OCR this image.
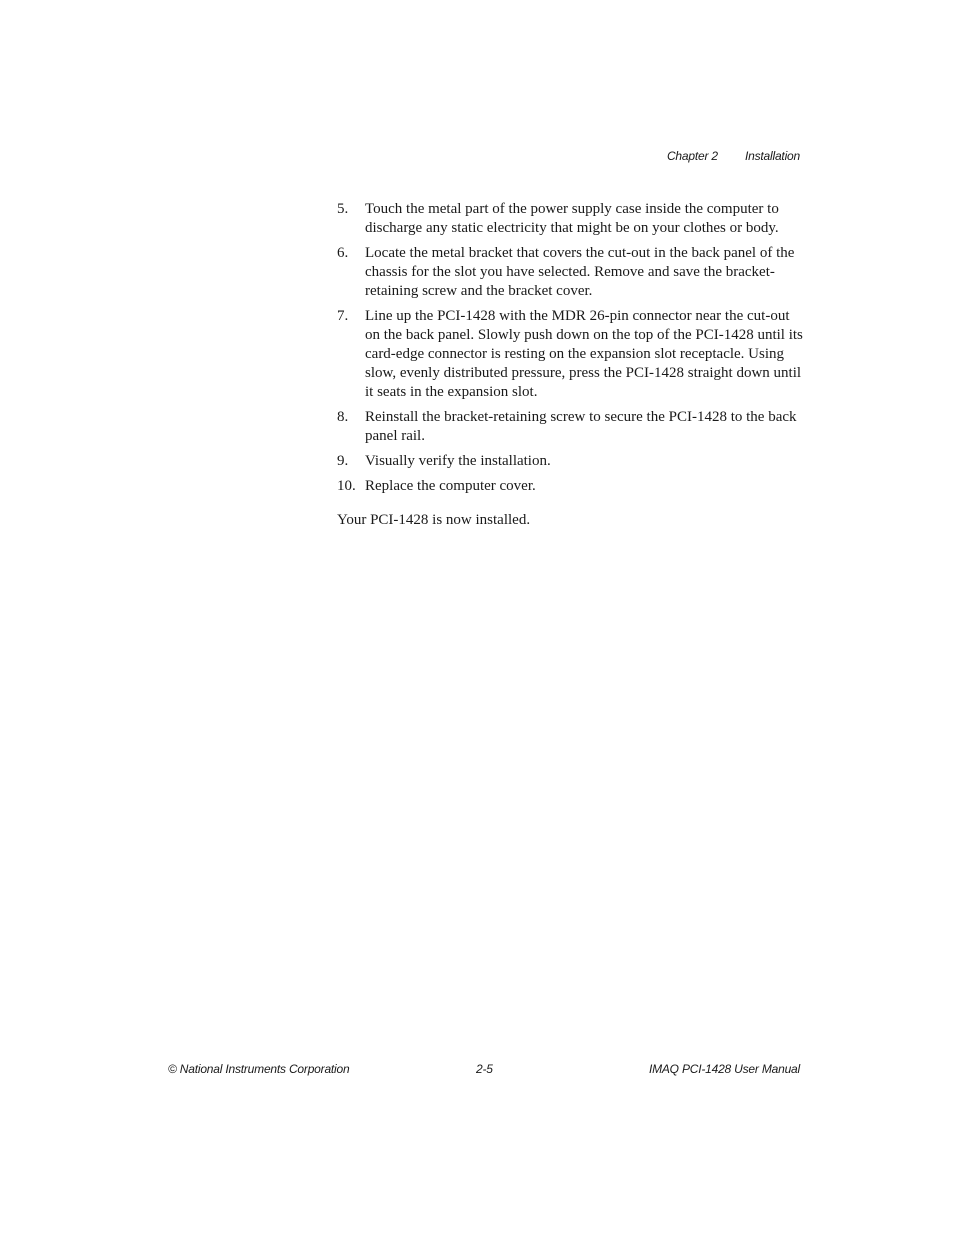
Chapter 2 Installation
5.	Touch the metal part of the power supply case inside the computer to discharge any static electricity that might be on your clothes or body.
6.	Locate the metal bracket that covers the cut-out in the back panel of the chassis for the slot you have selected. Remove and save the bracket-retaining screw and the bracket cover.
7.	Line up the PCI-1428 with the MDR 26-pin connector near the cut-out on the back panel. Slowly push down on the top of the PCI-1428 until its card-edge connector is resting on the expansion slot receptacle. Using slow, evenly distributed pressure, press the PCI-1428 straight down until it seats in the expansion slot.
8.	Reinstall the bracket-retaining screw to secure the PCI-1428 to the back panel rail.
9.	Visually verify the installation.
10. Replace the computer cover.

Your PCI-1428 is now installed.

© National Instruments Corporation	2-5	IMAQ PCI-1428 User Manual
